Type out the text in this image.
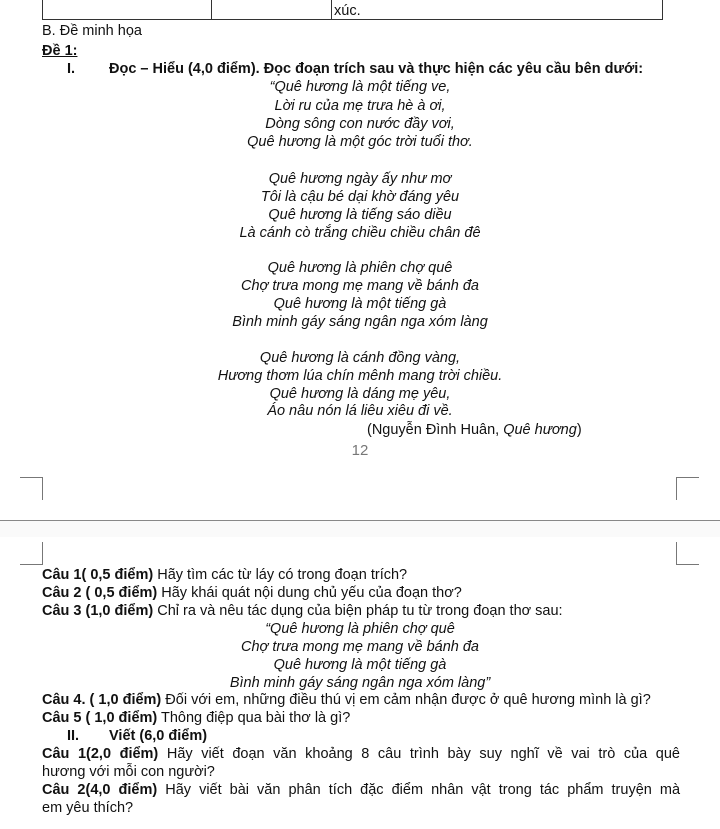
xúc.
B. Đề minh họa
Đề 1:
I. Đọc – Hiểu (4,0 điểm). Đọc đoạn trích sau và thực hiện các yêu cầu bên dưới:
“Quê hương là một tiếng ve,
Lời ru của mẹ trưa hè à ơi,
Dòng sông con nước đầy vơi,
Quê hương là một góc trời tuổi thơ.
Quê hương ngày ấy như mơ
Tôi là cậu bé dại khờ đáng yêu
Quê hương là tiếng sáo diều
Là cánh cò trắng chiều chiều chân đê
Quê hương là phiên chợ quê
Chợ trưa mong mẹ mang về bánh đa
Quê hương là một tiếng gà
Bình minh gáy sáng ngân nga xóm làng
Quê hương là cánh đồng vàng,
Hương thơm lúa chín mênh mang trời chiều.
Quê hương là dáng mẹ yêu,
Áo nâu nón lá liêu xiêu đi về.
(Nguyễn Đình Huân, Quê hương)
12
Câu 1( 0,5 điểm) Hãy tìm các từ láy có trong đoạn trích?
Câu 2 ( 0,5 điểm) Hãy khái quát nội dung chủ yếu của đoạn thơ?
Câu 3 (1,0 điểm) Chỉ ra và nêu tác dụng của biện pháp tu từ trong đoạn thơ sau:
“Quê hương là phiên chợ quê
Chợ trưa mong mẹ mang về bánh đa
Quê hương là một tiếng gà
Bình minh gáy sáng ngân nga xóm làng”
Câu 4. ( 1,0 điểm) Đối với em, những điều thú vị em cảm nhận được ở quê hương mình là gì?
Câu 5 ( 1,0 điểm) Thông điệp qua bài thơ là gì?
II. Viết (6,0 điểm)
Câu 1(2,0 điểm) Hãy viết đoạn văn khoảng 8 câu trình bày suy nghĩ về vai trò của quê
hương với mỗi con người?
Câu 2(4,0 điểm) Hãy viết bài văn phân tích đặc điểm nhân vật trong tác phẩm truyện mà
em yêu thích?
